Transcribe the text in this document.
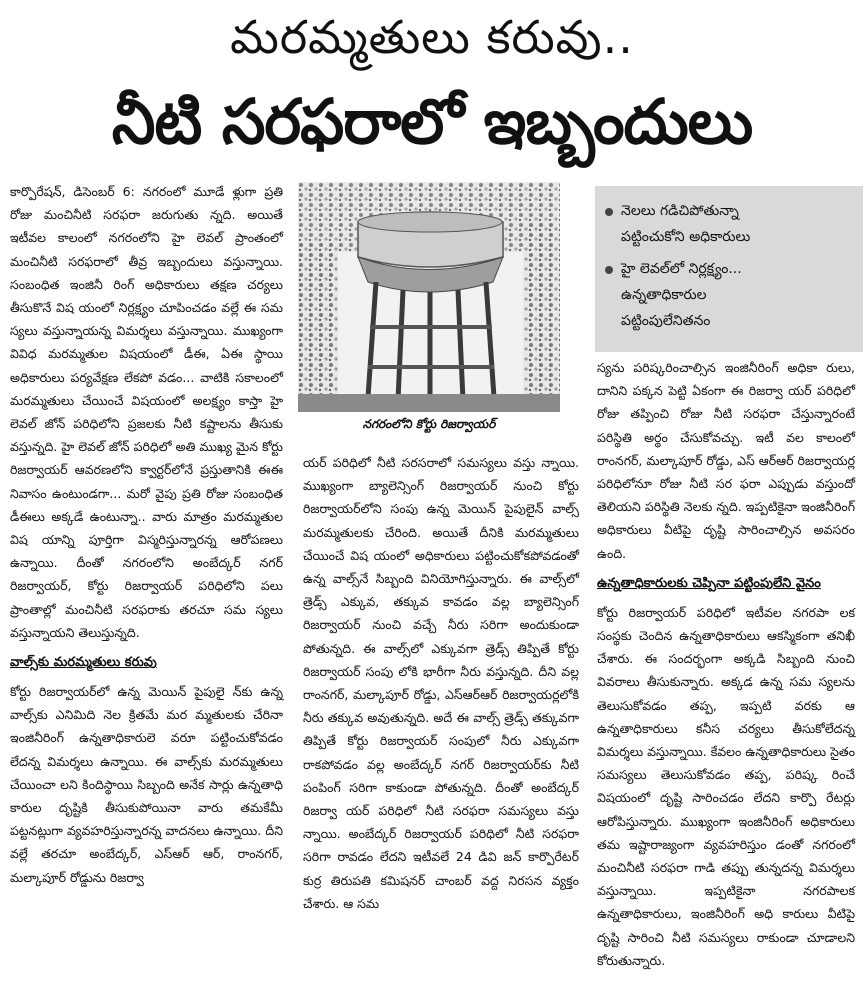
మరమ్మతులు కరువు..
నీటి సరఫరాలో ఇబ్బందులు

కార్పొరేషన్‌, డిసెంబర్‌ 6: నగరంలో మూడే ళ్లుగా ప్రతి రోజు మంచినీటి సరఫరా జరుగుతు న్నది. అయితే ఇటీవల కాలంలో నగరంలోని హై లెవల్‌ ప్రాంతంలో మంచినీటి సరఫరాలో తీవ్ర ఇబ్బందులు వస్తున్నాయి. సంబంధిత ఇంజినీ రింగ్‌ అధికారులు తక్షణ చర్యలు తీసుకొనే విష యంలో నిర్లక్ష్యం చూపించడం వల్లే ఈ సమ స్యలు వస్తున్నాయన్న విమర్శలు వస్తున్నాయి. ముఖ్యంగా వివిధ మరమ్మతుల విషయంలో డీఈ, ఏఈ స్థాయి అధికారులు పర్యవేక్షణ లేకపో వడం... వాటికి సకాలంలో మరమ్మతులు చేయించే విషయంలో అలక్ష్యం కాస్తా హై లెవల్‌ జోన్‌ పరిధిలోని ప్రజలకు నీటి కష్టాలను తీసుకు వస్తున్నది. హై లెవల్‌ జోన్‌ పరిధిలో అతి ముఖ్య మైన కోర్టు రిజర్వాయర్‌ ఆవరణలోని క్వార్టర్‌లోనే ప్రస్తుతానికి ఈఈ నివాసం ఉంటుండగా... మరో వైపు ప్రతి రోజు సంబంధిత డీఈలు అక్కడే ఉంటున్నా.. వారు మాత్రం మరమ్మతుల విష యాన్ని పూర్తిగా విస్మరిస్తున్నారన్న ఆరోపణలు ఉన్నాయి. దీంతో నగరంలోని అంబేద్కర్‌ నగర్‌ రిజర్వాయర్‌, కోర్టు రిజర్వాయర్‌ పరిధిలోని పలు ప్రాంతాల్లో మంచినీటి సరఫరాకు తరచూ సమ స్యలు వస్తున్నాయని తెలుస్తున్నది.

వాల్స్‌కు మరమ్మతులు కరువు

కోర్టు రిజర్వాయర్‌లో ఉన్న మెయిన్‌ పైపులై న్‌కు ఉన్న వాల్స్‌కు ఎనిమిది నెల క్రితమే మర మ్మతులకు చేరినా ఇంజినీరింగ్‌ ఉన్నతాధికారులె వరూ పట్టించుకోవడం లేదన్న విమర్శలు ఉన్నాయి. ఈ వాల్స్‌కు మరమ్మతులు చేయించా లని కిందిస్థాయి సిబ్బంది అనేక సార్లు ఉన్నతాధి కారుల దృష్టికి తీసుకుపోయినా వారు తమకేమీ పట్టనట్లుగా వ్యవహరిస్తున్నారన్న వాదనలు ఉన్నాయి. దీని వల్లే తరచూ అంబేద్కర్‌, ఎస్‌ఆర్‌ ఆర్‌, రాంనగర్‌, మల్కాపూర్‌ రోడ్డును రిజర్వా

నగరంలోని కోర్టు రిజర్వాయర్‌

యర్‌ పరిధిలో నీటి సరసరాలో సమస్యలు వస్తు న్నాయి. ముఖ్యంగా బ్యాలెన్సింగ్‌ రిజర్వాయర్‌ నుంచి కోర్టు రిజర్వాయర్‌లోని సంపు ఉన్న మెయిన్‌ పైపులైన్‌ వాల్స్‌ మరమ్మతులకు చేరింది. అయితే దీనికి మరమ్మతులు చేయించే విష యంలో అధికారులు పట్టించుకోకపోవడంతో ఉన్న వాల్స్‌నే సిబ్బంది వినియోగిస్తున్నారు. ఈ వాల్స్‌లో త్రెడ్స్‌ ఎక్కువ, తక్కువ కావడం వల్ల బ్యాలెన్సింగ్‌ రిజర్వాయర్‌ నుంచి వచ్చే నీరు సరిగా అందుకుండా పోతున్నది. ఈ వాల్స్‌లో ఎక్కువగా త్రెడ్స్‌ తిప్పితే కోర్టు రిజర్వాయర్‌ సంపు లోకి భారీగా నీరు వస్తున్నది. దీని వల్ల రాంనగర్‌, మల్కాపూర్‌ రోడ్డు, ఎస్‌ఆర్‌ఆర్‌ రిజర్వాయర్లలోకి నీరు తక్కువ అవుతున్నది. అదే ఈ వాల్స్‌ త్రెడ్స్‌ తక్కువగా తిప్పితే కోర్టు రిజర్వాయర్‌ సంపులో నీరు ఎక్కువగా రాకపోవడం వల్ల అంబేద్కర్‌ నగర్‌ రిజర్వాయర్‌కు నీటి పంపింగ్‌ సరిగా కాకుండా పోతున్నది. దీంతో అంబేద్కర్‌ రిజర్వా యర్‌ పరిధిలో నీటి సరఫరా సమస్యలు వస్తు న్నాయి. అంబేద్కర్‌ రిజర్వాయర్‌ పరిధిలో నీటి సరఫరా సరిగా రావడం లేదని ఇటీవలే 24 డివి జన్‌ కార్పొరేటర్‌ కుర్ర తిరుపతి కమిషనర్‌ చాంబర్‌ వద్ద నిరసన వ్యక్తం చేశారు. ఆ సమ

నెలలు గడిచిపోతున్నా
పట్టించుకోని అధికారులు
హై లెవల్‌లో నిర్లక్ష్యం...
ఉన్నతాధికారుల
పట్టింపులేనితనం

స్యను పరిష్కరించాల్సిన ఇంజినీరింగ్‌ అధికా రులు, దానిని పక్కన పెట్టి ఏకంగా ఈ రిజర్వా యర్‌ పరిధిలో రోజు తప్పించి రోజు నీటి సరఫరా చేస్తున్నారంటే పరిస్థితి అర్థం చేసుకోవచ్చు. ఇటీ వల కాలంలో రాంనగర్‌, మల్కాపూర్‌ రోడ్డు, ఎస్‌ ఆర్‌ఆర్‌ రిజర్వాయర్ల పరిధిలోనూ రోజు నీటి సర ఫరా ఎప్పుడు వస్తుందో తెలియని పరిస్థితి నెలకు న్నది. ఇప్పటికైనా ఇంజినీరింగ్‌ అధికారులు వీటిపై దృష్టి సారించాల్సిన అవసరం ఉంది.

ఉన్నతాధికారులకు చెప్పినా పట్టింపులేని వైనం

కోర్టు రిజర్వాయర్‌ పరిధిలో ఇటీవల నగరపా లక సంస్థకు చెందిన ఉన్నతాధికారులు ఆకస్మికంగా తనిఖీ చేశారు. ఈ సందర్భంగా అక్కడి సిబ్బంది నుంచి వివరాలు తీసుకున్నారు. అక్కడ ఉన్న సమ స్యలను తెలుసుకోవడం తప్ప, ఇప్పటి వరకు ఆ ఉన్నతాధికారులు కనీస చర్యలు తీసుకోలేదన్న విమర్శలు వస్తున్నాయి. కేవలం ఉన్నతాధికారులు సైతం సమస్యలు తెలుసుకోవడం తప్ప, పరిష్క రించే విషయంలో దృష్టి సారించడం లేదని కార్పొ రేటర్లు ఆరోపిస్తున్నారు. ముఖ్యంగా ఇంజినీరింగ్‌ అధికారులు తమ ఇష్టారాజ్యంగా వ్యవహరిస్తుం డంతో నగరంలో మంచినీటి సరఫరా గాడి తప్పు తున్నదన్న విమర్శలు వస్తున్నాయి. ఇప్పటికైనా నగరపాలక ఉన్నతాధికారులు, ఇంజినీరింగ్‌ అధి కారులు వీటిపై దృష్టి సారించి నీటి సమస్యలు రాకుండా చూడాలని కోరుతున్నారు.
